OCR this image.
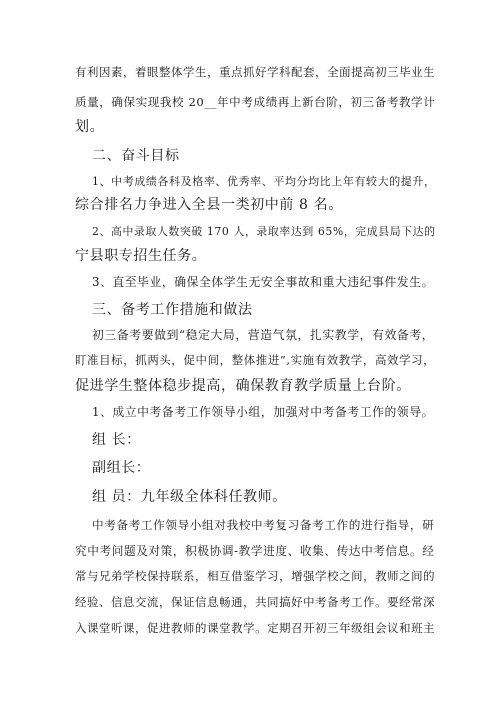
有利因素，着眼整体学生，重点抓好学科配套，全面提高初三毕业生
质量，确保实现我校 20__年中考成绩再上新台阶，初三备考教学计
划。
二、奋斗目标
1、中考成绩各科及格率、优秀率、平均分均比上年有较大的提升，
综合排名力争进入全县一类初中前 8 名。
2、高中录取人数突破 170 人，录取率达到 65%，完成县局下达的
宁县职专招生任务。
3、直至毕业，确保全体学生无安全事故和重大违纪事件发生。
三、备考工作措施和做法
初三备考要做到“稳定大局，营造气氛，扎实教学，有效备考，
盯准目标，抓两头，促中间，整体推进”,实施有效教学，高效学习，
促进学生整体稳步提高，确保教育教学质量上台阶。
1、成立中考备考工作领导小组，加强对中考备考工作的领导。
组 长：
副组长：
组 员：九年级全体科任教师。
中考备考工作领导小组对我校中考复习备考工作的进行指导，研
究中考问题及对策，积极协调-教学进度、收集、传达中考信息。经
常与兄弟学校保持联系，相互借鉴学习，增强学校之间，教师之间的
经验、信息交流，保证信息畅通，共同搞好中考备考工作。要经常深
入课堂听课，促进教师的课堂教学。定期召开初三年级组会议和班主
